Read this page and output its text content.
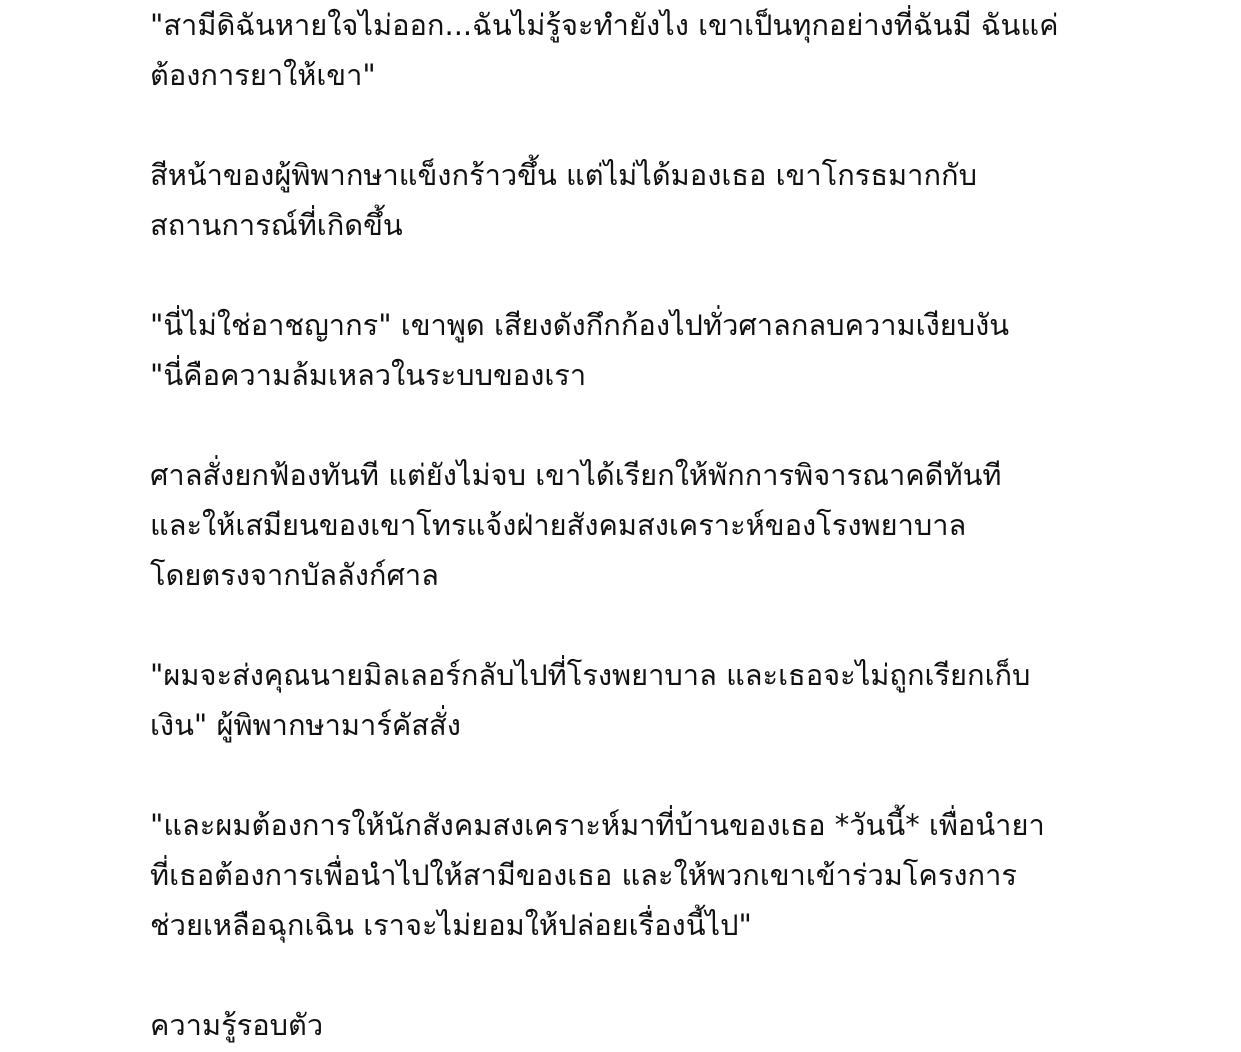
"สามีดิฉันหายใจไม่ออก...ฉันไม่รู้จะทำยังไง เขาเป็นทุกอย่างที่ฉันมี ฉันแค่
ต้องการยาให้เขา"

สีหน้าของผู้พิพากษาแข็งกร้าวขึ้น แต่ไม่ได้มองเธอ เขาโกรธมากกับ
สถานการณ์ที่เกิดขึ้น

"นี่ไม่ใช่อาชญากร" เขาพูด เสียงดังกึกก้องไปทั่วศาลกลบความเงียบงัน
"นี่คือความล้มเหลวในระบบของเรา

ศาลสั่งยกฟ้องทันที แต่ยังไม่จบ เขาได้เรียกให้พักการพิจารณาคดีทันที
และให้เสมียนของเขาโทรแจ้งฝ่ายสังคมสงเคราะห์ของโรงพยาบาล
โดยตรงจากบัลลังก์ศาล

"ผมจะส่งคุณนายมิลเลอร์กลับไปที่โรงพยาบาล และเธอจะไม่ถูกเรียกเก็บ
เงิน" ผู้พิพากษามาร์คัสสั่ง

"และผมต้องการให้นักสังคมสงเคราะห์มาที่บ้านของเธอ *วันนี้* เพื่อนำยา
ที่เธอต้องการเพื่อนำไปให้สามีของเธอ และให้พวกเขาเข้าร่วมโครงการ
ช่วยเหลือฉุกเฉิน เราจะไม่ยอมให้ปล่อยเรื่องนี้ไป"

ความรู้รอบตัว
